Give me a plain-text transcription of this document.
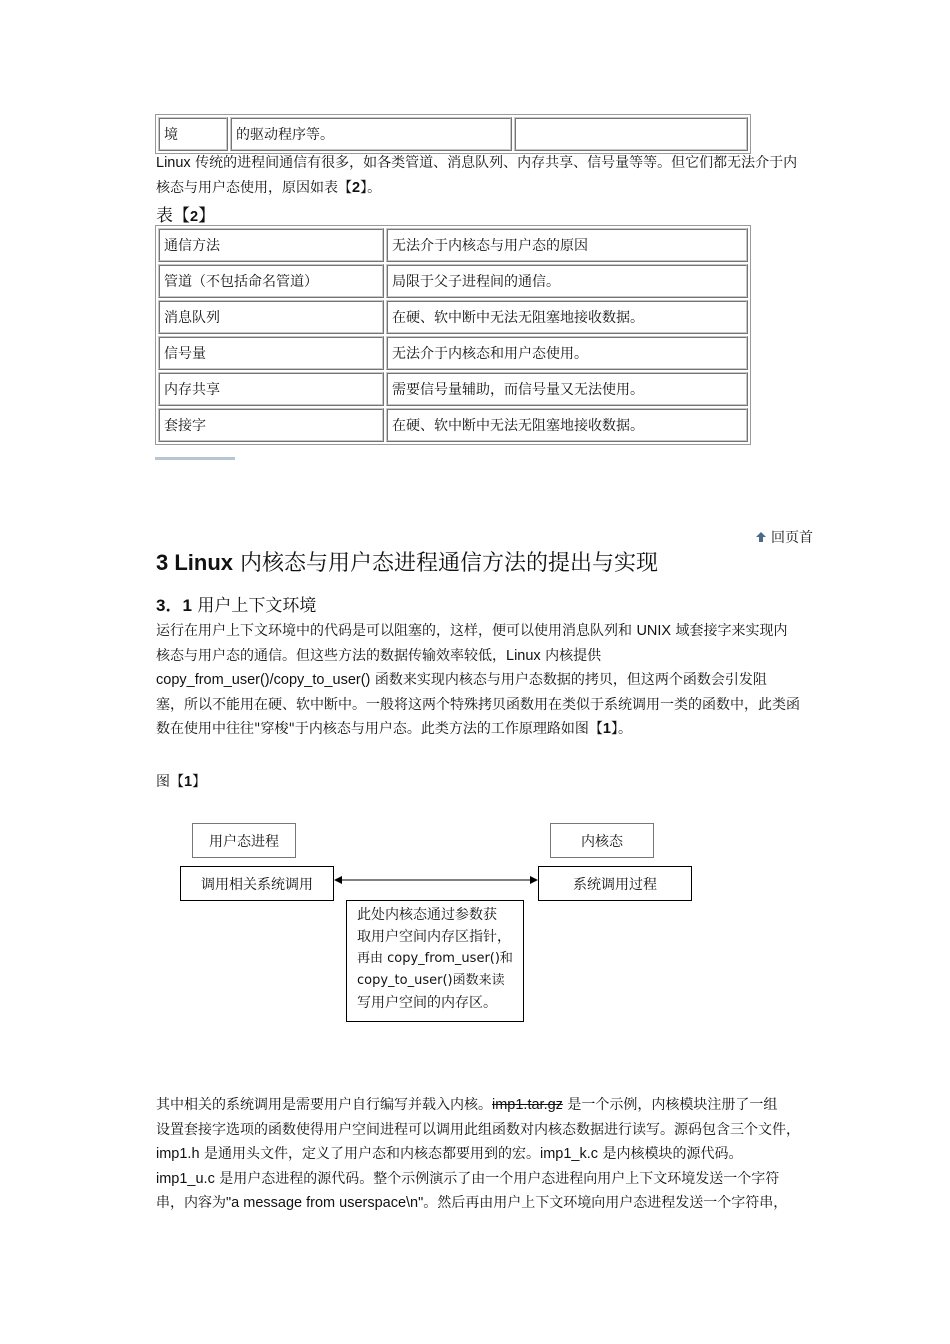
境	的驱动程序等。	
Linux 传统的进程间通信有很多，如各类管道、消息队列、内存共享、信号量等等。但它们都无法介于内
核态与用户态使用，原因如表【2】。
表【2】
通信方法	无法介于内核态与用户态的原因
管道（不包括命名管道）	局限于父子进程间的通信。
消息队列	在硬、软中断中无法无阻塞地接收数据。
信号量	无法介于内核态和用户态使用。
内存共享	需要信号量辅助，而信号量又无法使用。
套接字	在硬、软中断中无法无阻塞地接收数据。
回页首
3 Linux 内核态与用户态进程通信方法的提出与实现
3．1 用户上下文环境
运行在用户上下文环境中的代码是可以阻塞的，这样，便可以使用消息队列和 UNIX 域套接字来实现内
核态与用户态的通信。但这些方法的数据传输效率较低，Linux 内核提供
copy_from_user()/copy_to_user() 函数来实现内核态与用户态数据的拷贝，但这两个函数会引发阻
塞，所以不能用在硬、软中断中。一般将这两个特殊拷贝函数用在类似于系统调用一类的函数中，此类函
数在使用中往往"穿梭"于内核态与用户态。此类方法的工作原理路如图【1】。
图【1】
用户态进程	内核态
调用相关系统调用	系统调用过程
此处内核态通过参数获
取用户空间内存区指针，
再由 copy_from_user()和
copy_to_user()函数来读
写用户空间的内存区。
其中相关的系统调用是需要用户自行编写并载入内核。imp1.tar.gz 是一个示例，内核模块注册了一组
设置套接字选项的函数使得用户空间进程可以调用此组函数对内核态数据进行读写。源码包含三个文件，
imp1.h 是通用头文件，定义了用户态和内核态都要用到的宏。imp1_k.c 是内核模块的源代码。
imp1_u.c 是用户态进程的源代码。整个示例演示了由一个用户态进程向用户上下文环境发送一个字符
串，内容为"a message from userspace\n"。然后再由用户上下文环境向用户态进程发送一个字符串，
